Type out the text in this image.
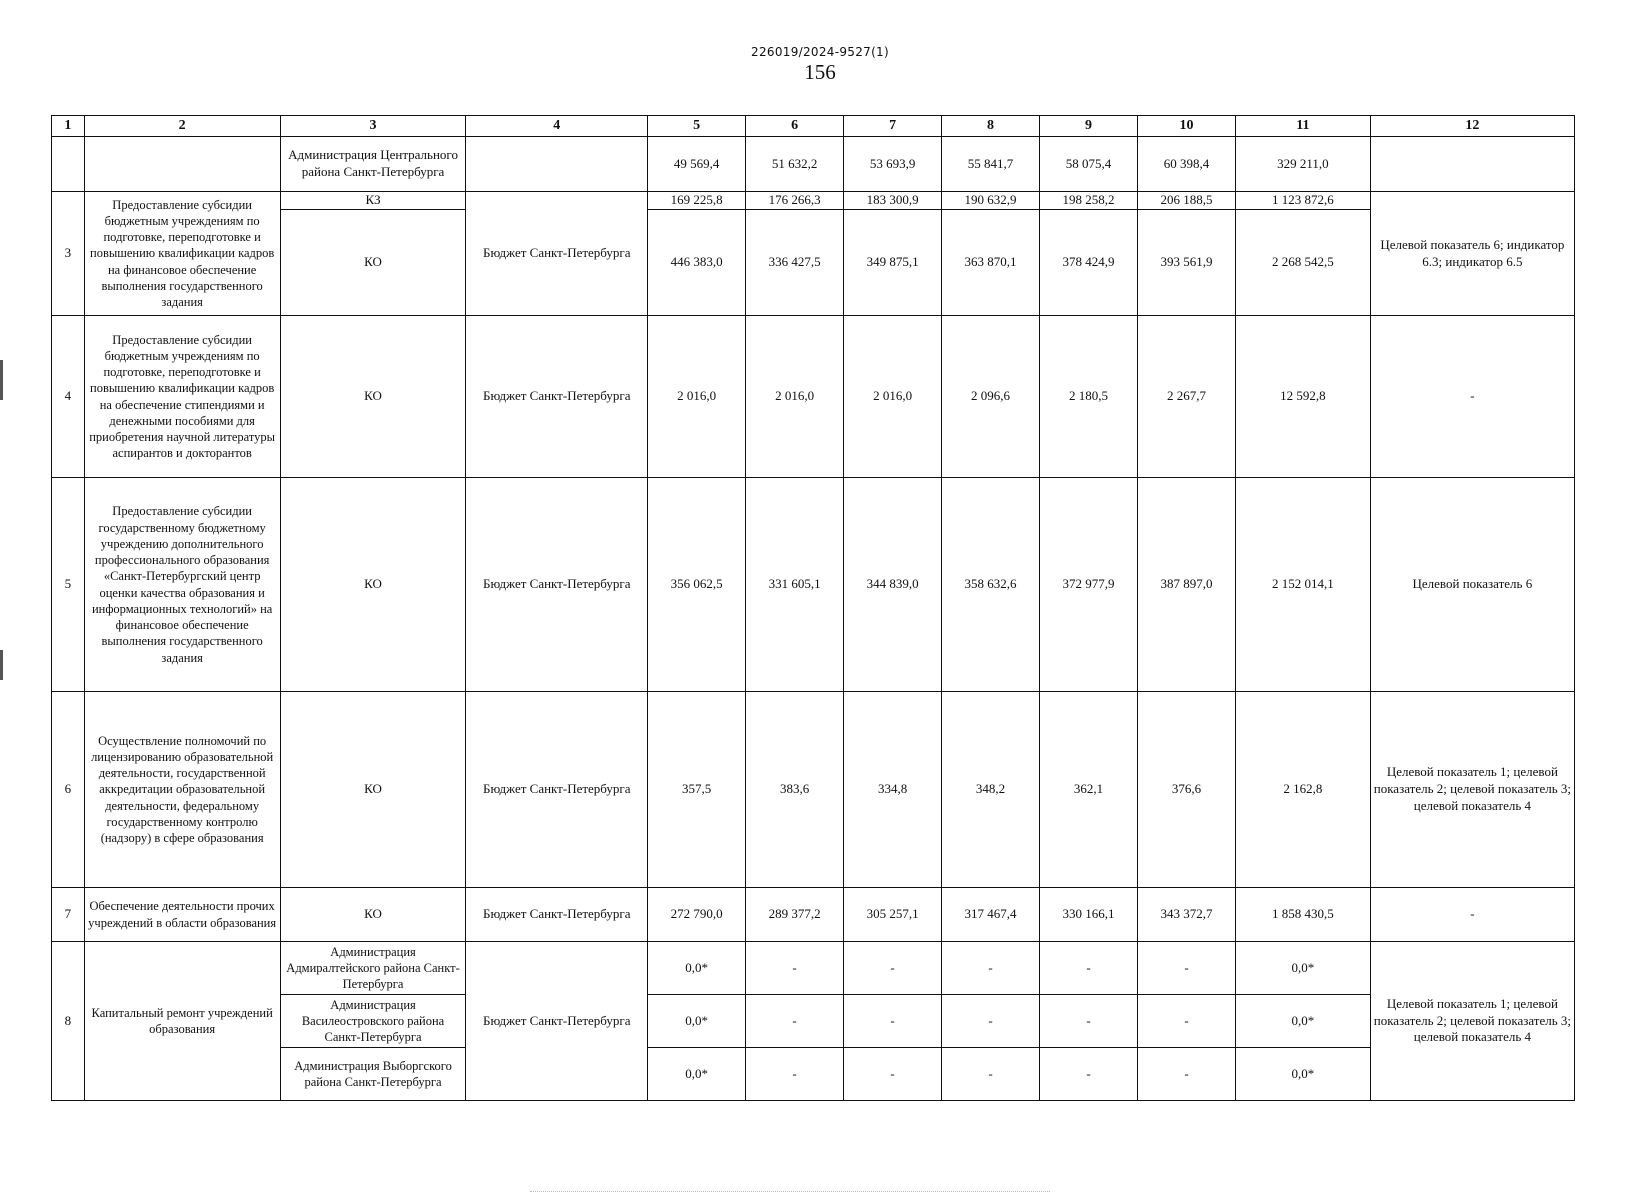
226019/2024-9527(1)
156
1	2	3	4	5	6	7	8	9	10	11	12
		Администрация Центрального района Санкт-Петербурга		49 569,4	51 632,2	53 693,9	55 841,7	58 075,4	60 398,4	329 211,0	
3	Предоставление субсидии бюджетным учреждениям по подготовке, переподготовке и повышению квалификации кадров на финансовое обеспечение выполнения государственного задания	КЗ	Бюджет Санкт-Петербурга	169 225,8	176 266,3	183 300,9	190 632,9	198 258,2	206 188,5	1 123 872,6	Целевой показатель 6; индикатор 6.3; индикатор 6.5
		КО		446 383,0	336 427,5	349 875,1	363 870,1	378 424,9	393 561,9	2 268 542,5	
4	Предоставление субсидии бюджетным учреждениям по подготовке, переподготовке и повышению квалификации кадров на обеспечение стипендиями и денежными пособиями для приобретения научной литературы аспирантов и докторантов	КО	Бюджет Санкт-Петербурга	2 016,0	2 016,0	2 016,0	2 096,6	2 180,5	2 267,7	12 592,8	-
5	Предоставление субсидии государственному бюджетному учреждению дополнительного профессионального образования «Санкт-Петербургский центр оценки качества образования и информационных технологий» на финансовое обеспечение выполнения государственного задания	КО	Бюджет Санкт-Петербурга	356 062,5	331 605,1	344 839,0	358 632,6	372 977,9	387 897,0	2 152 014,1	Целевой показатель 6
6	Осуществление полномочий по лицензированию образовательной деятельности, государственной аккредитации образовательной деятельности, федеральному государственному контролю (надзору) в сфере образования	КО	Бюджет Санкт-Петербурга	357,5	383,6	334,8	348,2	362,1	376,6	2 162,8	Целевой показатель 1; целевой показатель 2; целевой показатель 3; целевой показатель 4
7	Обеспечение деятельности прочих учреждений в области образования	КО	Бюджет Санкт-Петербурга	272 790,0	289 377,2	305 257,1	317 467,4	330 166,1	343 372,7	1 858 430,5	-
8	Капитальный ремонт учреждений образования	Администрация Адмиралтейского района Санкт-Петербурга	Бюджет Санкт-Петербурга	0,0*	-	-	-	-	-	0,0*	Целевой показатель 1; целевой показатель 2; целевой показатель 3; целевой показатель 4
		Администрация Василеостровского района Санкт-Петербурга		0,0*	-	-	-	-	-	0,0*	
		Администрация Выборгского района Санкт-Петербурга		0,0*	-	-	-	-	-	0,0*	
